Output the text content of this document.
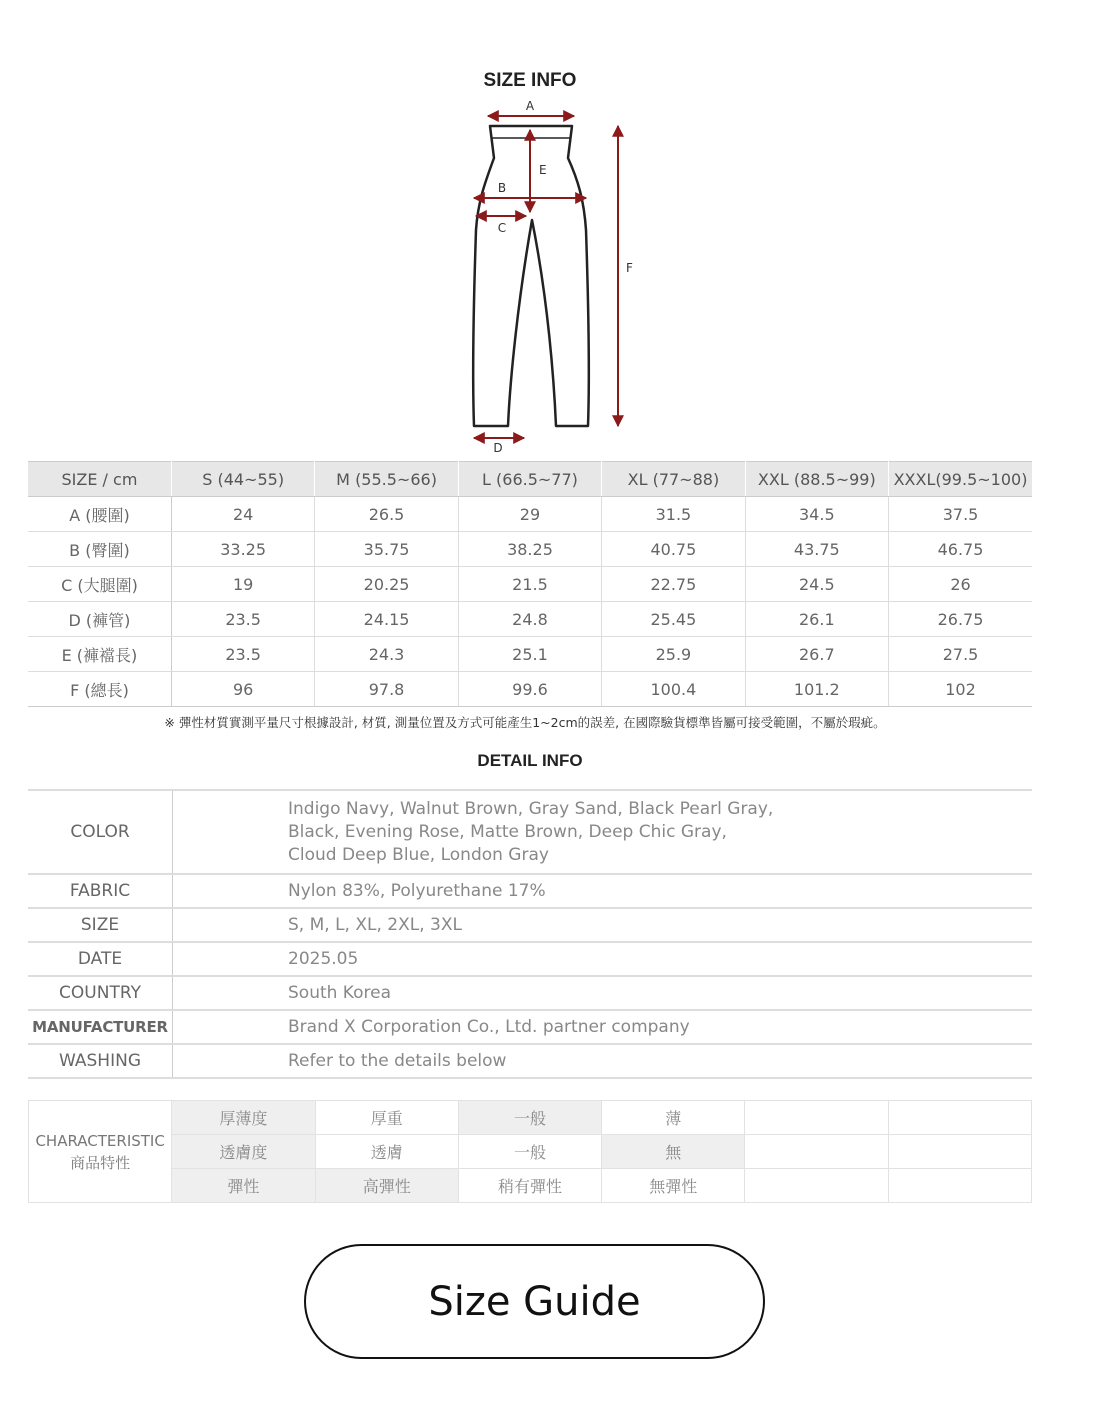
SIZE INFO
A
E
B
C
F
D
SIZE / cm	S (44~55)	M (55.5~66)	L (66.5~77)	XL (77~88)	XXL (88.5~99)	XXXL(99.5~100)
A (腰圍)	24	26.5	29	31.5	34.5	37.5
B (臀圍)	33.25	35.75	38.25	40.75	43.75	46.75
C (大腿圍)	19	20.25	21.5	22.75	24.5	26
D (褲管)	23.5	24.15	24.8	25.45	26.1	26.75
E (褲襠長)	23.5	24.3	25.1	25.9	26.7	27.5
F (總長)	96	97.8	99.6	100.4	101.2	102
※ 彈性材質實測平量尺寸根據設計, 材質, 測量位置及方式可能產生1~2cm的誤差, 在國際驗貨標準皆屬可接受範圍，不屬於瑕疵。
DETAIL INFO
COLOR	Indigo Navy, Walnut Brown, Gray Sand, Black Pearl Gray,
Black, Evening Rose, Matte Brown, Deep Chic Gray,
Cloud Deep Blue, London Gray

FABRIC	Nylon 83%, Polyurethane 17%
SIZE	S, M, L, XL, 2XL, 3XL
DATE	2025.05
COUNTRY	South Korea
MANUFACTURER	Brand X Corporation Co., Ltd. partner company
WASHING	Refer to the details below
CHARACTERISTIC
商品特性	厚薄度	厚重	一般	薄		
	透膚度	透膚	一般	無		
	彈性	高彈性	稍有彈性	無彈性		
Size Guide
